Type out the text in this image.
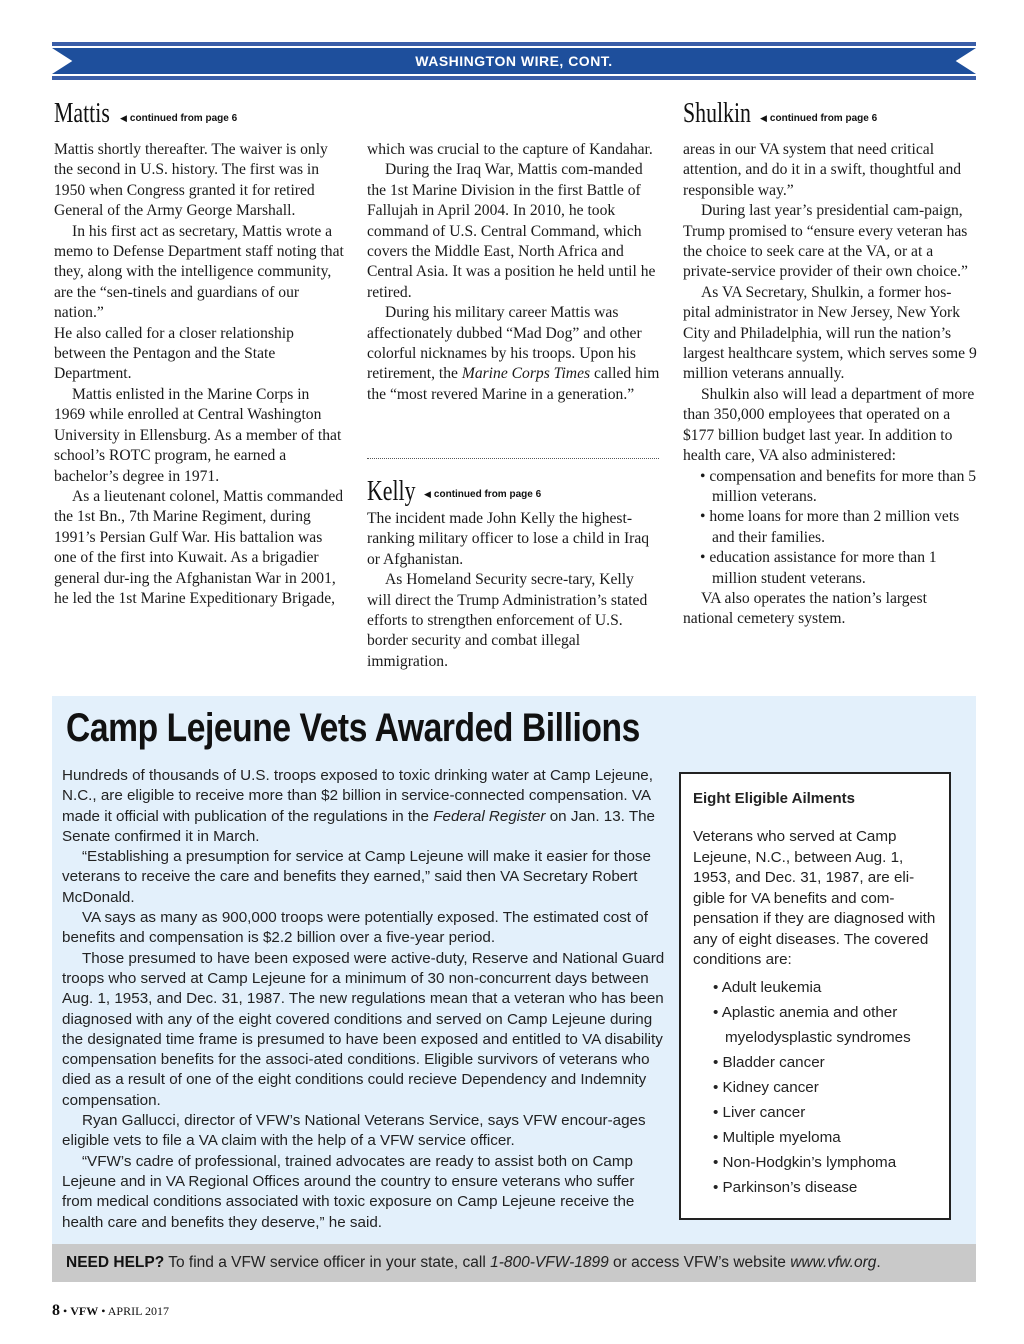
WASHINGTON WIRE, CONT.
Mattis ◀ continued from page 6

Mattis shortly thereafter. The waiver is only the second in U.S. history. The first was in 1950 when Congress granted it for retired General of the Army George Marshall.

In his first act as secretary, Mattis wrote a memo to Defense Department staff noting that they, along with the intelligence community, are the “sen-tinels and guardians of our nation.”

He also called for a closer relationship between the Pentagon and the State Department.

Mattis enlisted in the Marine Corps in 1969 while enrolled at Central Washington University in Ellensburg. As a member of that school’s ROTC program, he earned a bachelor’s degree in 1971.

As a lieutenant colonel, Mattis commanded the 1st Bn., 7th Marine Regiment, during 1991’s Persian Gulf War. His battalion was one of the first into Kuwait. As a brigadier general dur-ing the Afghanistan War in 2001, he led the 1st Marine Expeditionary Brigade,

which was crucial to the capture of Kandahar.

During the Iraq War, Mattis com-manded the 1st Marine Division in the first Battle of Fallujah in April 2004. In 2010, he took command of U.S. Central Command, which covers the Middle East, North Africa and Central Asia. It was a position he held until he retired.

During his military career Mattis was affectionately dubbed “Mad Dog” and other colorful nicknames by his troops. Upon his retirement, the Marine Corps Times called him the “most revered Marine in a generation.”

Kelly ◀ continued from page 6

The incident made John Kelly the highest-ranking military officer to lose a child in Iraq or Afghanistan.

As Homeland Security secre-tary, Kelly will direct the Trump Administration’s stated efforts to strengthen enforcement of U.S. border security and combat illegal immigration.

Shulkin ◀ continued from page 6

areas in our VA system that need critical attention, and do it in a swift, thoughtful and responsible way.”

During last year’s presidential cam-paign, Trump promised to “ensure every veteran has the choice to seek care at the VA, or at a private-service provider of their own choice.”

As VA Secretary, Shulkin, a former hos-pital administrator in New Jersey, New York City and Philadelphia, will run the nation’s largest healthcare system, which serves some 9 million veterans annually.

Shulkin also will lead a department of more than 350,000 employees that operated on a $177 billion budget last year. In addition to health care, VA also administered:

• compensation and benefits for more than 5 million veterans.

• home loans for more than 2 million vets and their families.

• education assistance for more than 1 million student veterans.

VA also operates the nation’s largest national cemetery system.

Camp Lejeune Vets Awarded Billions

Hundreds of thousands of U.S. troops exposed to toxic drinking water at Camp Lejeune, N.C., are eligible to receive more than $2 billion in service-connected compensation. VA made it official with publication of the regulations in the Federal Register on Jan. 13. The Senate confirmed it in March.

“Establishing a presumption for service at Camp Lejeune will make it easier for those veterans to receive the care and benefits they earned,” said then VA Secretary Robert McDonald.

VA says as many as 900,000 troops were potentially exposed. The estimated cost of benefits and compensation is $2.2 billion over a five-year period.

Those presumed to have been exposed were active-duty, Reserve and National Guard troops who served at Camp Lejeune for a minimum of 30 non-concurrent days between Aug. 1, 1953, and Dec. 31, 1987. The new regulations mean that a veteran who has been diagnosed with any of the eight covered conditions and served on Camp Lejeune during the designated time frame is presumed to have been exposed and entitled to VA disability compensation benefits for the associ-ated conditions. Eligible survivors of veterans who died as a result of one of the eight conditions could recieve Dependency and Indemnity compensation.

Ryan Gallucci, director of VFW’s National Veterans Service, says VFW encour-ages eligible vets to file a VA claim with the help of a VFW service officer.

“VFW’s cadre of professional, trained advocates are ready to assist both on Camp Lejeune and in VA Regional Offices around the country to ensure veterans who suffer from medical conditions associated with toxic exposure on Camp Lejeune receive the health care and benefits they deserve,” he said.

Eight Eligible Ailments

Veterans who served at Camp Lejeune, N.C., between Aug. 1, 1953, and Dec. 31, 1987, are eli-gible for VA benefits and com-pensation if they are diagnosed with any of eight diseases. The covered conditions are:

• Adult leukemia
• Aplastic anemia and other myelodysplastic syndromes
• Bladder cancer
• Kidney cancer
• Liver cancer
• Multiple myeloma
• Non-Hodgkin’s lymphoma
• Parkinson’s disease
NEED HELP? To find a VFW service officer in your state, call 1-800-VFW-1899 or access VFW’s website www.vfw.org.
8 • VFW • APRIL 2017
